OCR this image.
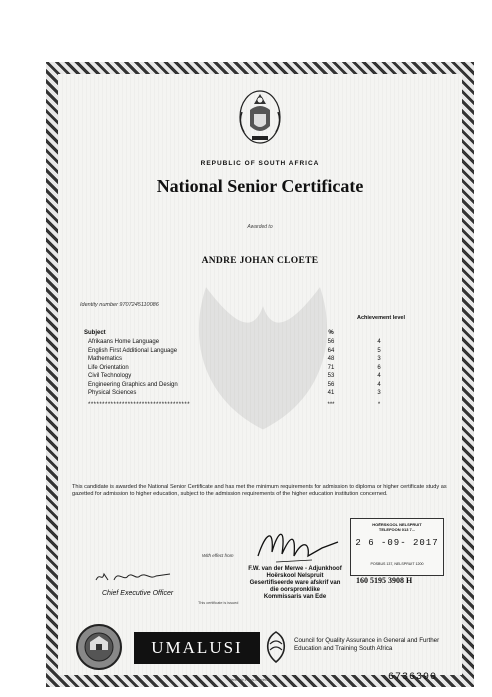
REPUBLIC OF SOUTH AFRICA
National Senior Certificate
Awarded to
ANDRE JOHAN CLOETE
Identity number 9707245110086
Subject	%
Achievement level
Afrikaans Home Language	56	4
English First Additional Language	64	5
Mathematics	48	3
Life Orientation	71	6
Civil Technology	53	4
Engineering Graphics and Design	56	4
Physical Sciences	41	3
************************************	***	*
This candidate is awarded the National Senior Certificate and has met the minimum requirements for admission to diploma or higher certificate study as gazetted for admission to higher education, subject to the admission requirements of the higher education institution concerned.
HOËRSKOOL NELSPRUIT
TELEFOON 013 7...
2 6 -09- 2017
POSBUS 137, NELSPRUIT 1200
160 5195 3908 H
With effect from
Chief Executive Officer
F.W. van der Merwe - Adjunkhoof
Hoërskool Nelspruit
Gesertifiseerde ware afskrif van
die oorspronklike
Kommissaris van Ede
This certificate is issued
UMALUSI	Council for Quality Assurance in General and Further Education and Training South Africa
6736390
Electronic in sys-/electronic
